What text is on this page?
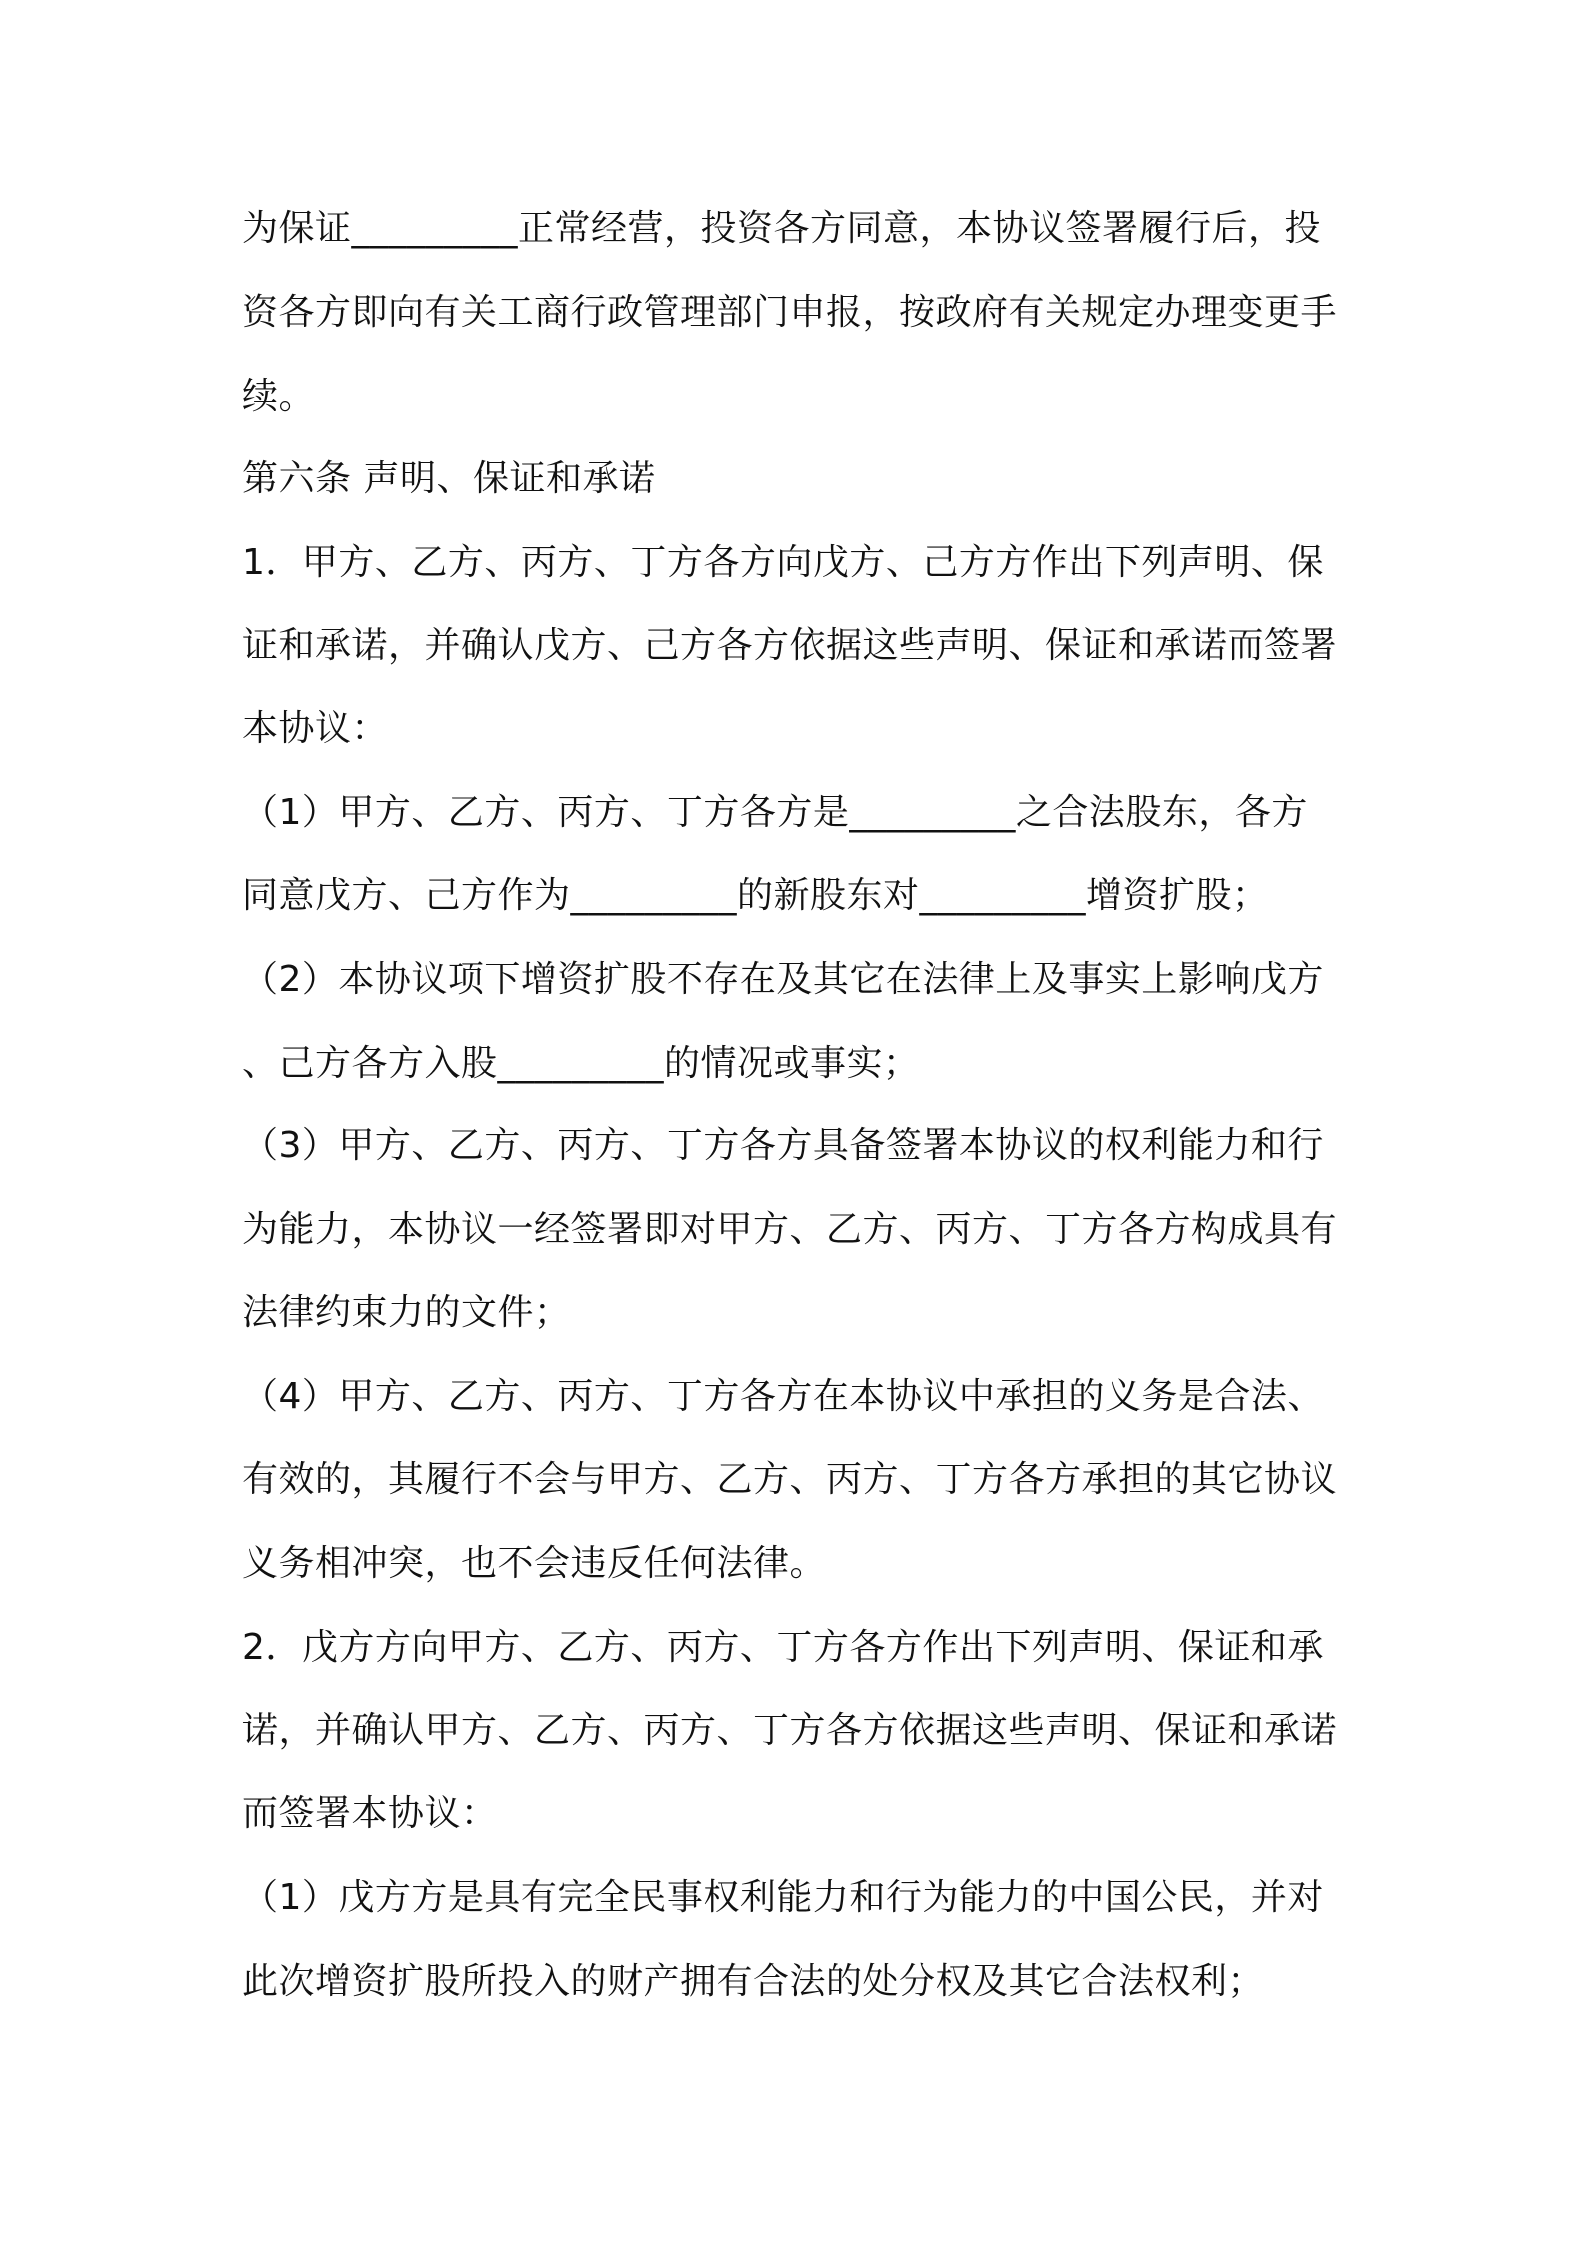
为保证_________正常经营，投资各方同意，本协议签署履行后，投
资各方即向有关工商行政管理部门申报，按政府有关规定办理变更手
续。
第六条 声明、保证和承诺
1．甲方、乙方、丙方、丁方各方向戊方、己方方作出下列声明、保
证和承诺，并确认戊方、己方各方依据这些声明、保证和承诺而签署
本协议：
（1）甲方、乙方、丙方、丁方各方是_________之合法股东，各方
同意戊方、己方作为_________的新股东对_________增资扩股；
（2）本协议项下增资扩股不存在及其它在法律上及事实上影响戊方
、己方各方入股_________的情况或事实；
（3）甲方、乙方、丙方、丁方各方具备签署本协议的权利能力和行
为能力，本协议一经签署即对甲方、乙方、丙方、丁方各方构成具有
法律约束力的文件；
（4）甲方、乙方、丙方、丁方各方在本协议中承担的义务是合法、
有效的，其履行不会与甲方、乙方、丙方、丁方各方承担的其它协议
义务相冲突，也不会违反任何法律。
2．戊方方向甲方、乙方、丙方、丁方各方作出下列声明、保证和承
诺，并确认甲方、乙方、丙方、丁方各方依据这些声明、保证和承诺
而签署本协议：
（1）戊方方是具有完全民事权利能力和行为能力的中国公民，并对
此次增资扩股所投入的财产拥有合法的处分权及其它合法权利；
